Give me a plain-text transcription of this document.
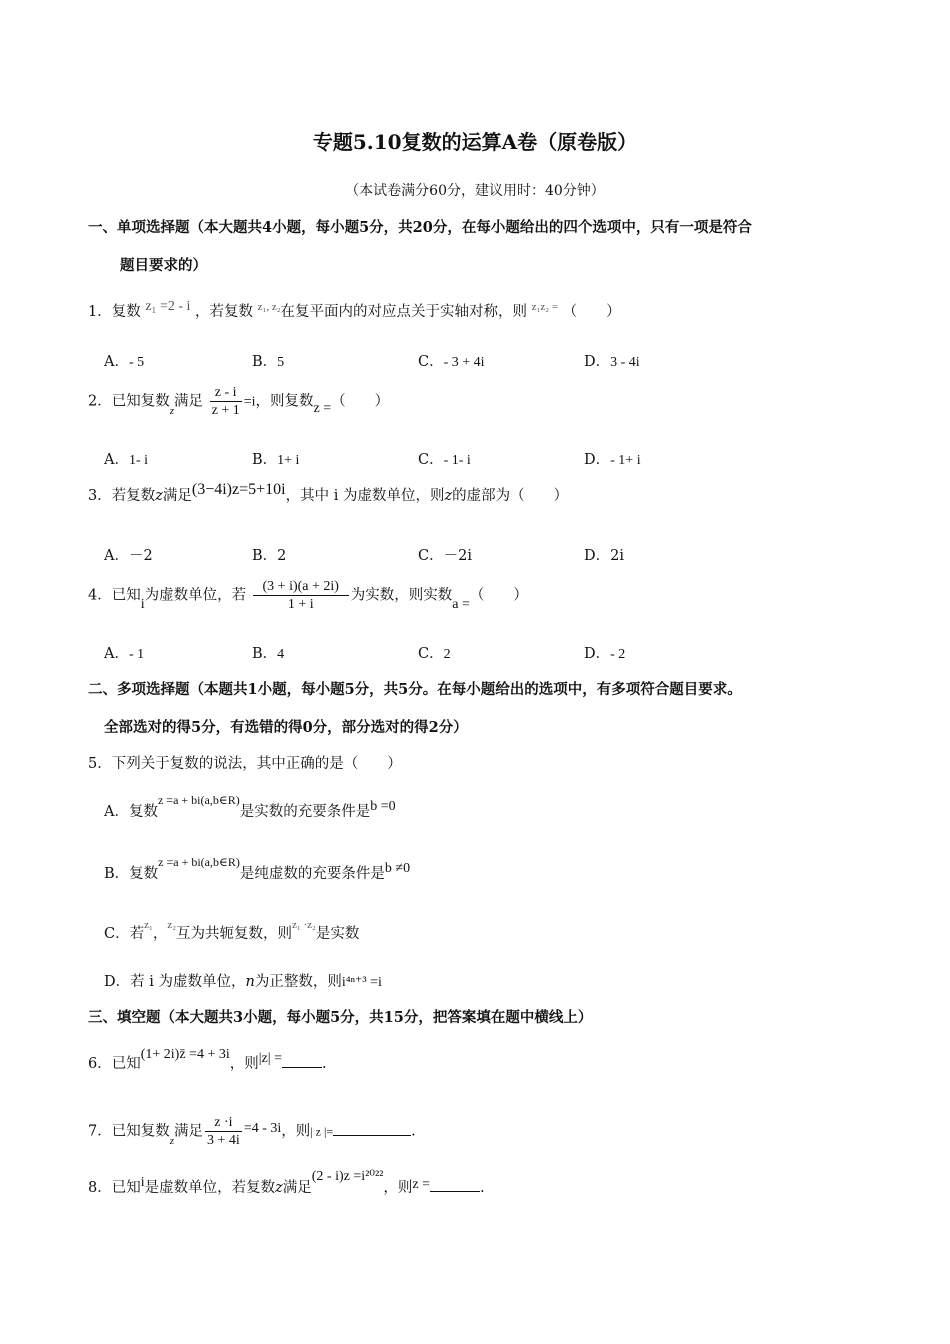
专题5.10复数的运算A卷（原卷版）
（本试卷满分60分，建议用时：40分钟）
一、单项选择题（本大题共4小题，每小题5分，共20分，在每小题给出的四个选项中，只有一项是符合
题目要求的）
1．复数 z₁ =2 - i ，若复数 $^{z_1, z_2}$在复平面内的对应点关于实轴对称，则 $^{z_1z_2 =}$ （　　）
A．- 5	B．5	C．- 3 + 4i	D．3 - 4i
2．已知复数$_z$满足 $\frac{z - i}{z + 1} =i$，则复数z =（　　）
A．1- i	B．1+ i	C．- 1- i	D．- 1+ i
3．若复数z满足(3−4i)z=5+10i，其中 i 为虚数单位，则z的虚部为（　　）
A．－2	B．2	C．－2i	D．2i
4．已知i为虚数单位，若 $\frac{(3 + i)(a + 2i)}{1 + i}$ 为实数，则实数a =（　　）
A．- 1	B．4	C．2	D．- 2
二、多项选择题（本题共1小题，每小题5分，共5分。在每小题给出的选项中，有多项符合题目要求。
全部选对的得5分，有选错的得0分，部分选对的得2分）
5．下列关于复数的说法，其中正确的是（　　）
A．复数$^{z =a + bi(a,b\in R)}$是实数的充要条件是b =0
B．复数$^{z =a + bi(a,b\in R)}$是纯虚数的充要条件是b ≠0
C．若$^{z_1}$，$^{z_2}$互为共轭复数，则$^{z_1 \cdot z_2}$是实数
D．若 i 为虚数单位，n为正整数，则i⁴ⁿ⁺³ =i
三、填空题（本大题共3小题，每小题5分，共15分，把答案填在题中横线上）
6．已知(1+ 2i)z̄ =4 + 3i，则|z| =	.
7．已知复数$_z$满足 $\frac{z \cdot i}{3 + 4i} =4 - 3i$，则| z |=	.
8．已知i是虚数单位，若复数z满足(2 - i)z =i²⁰²²，则z =	.
